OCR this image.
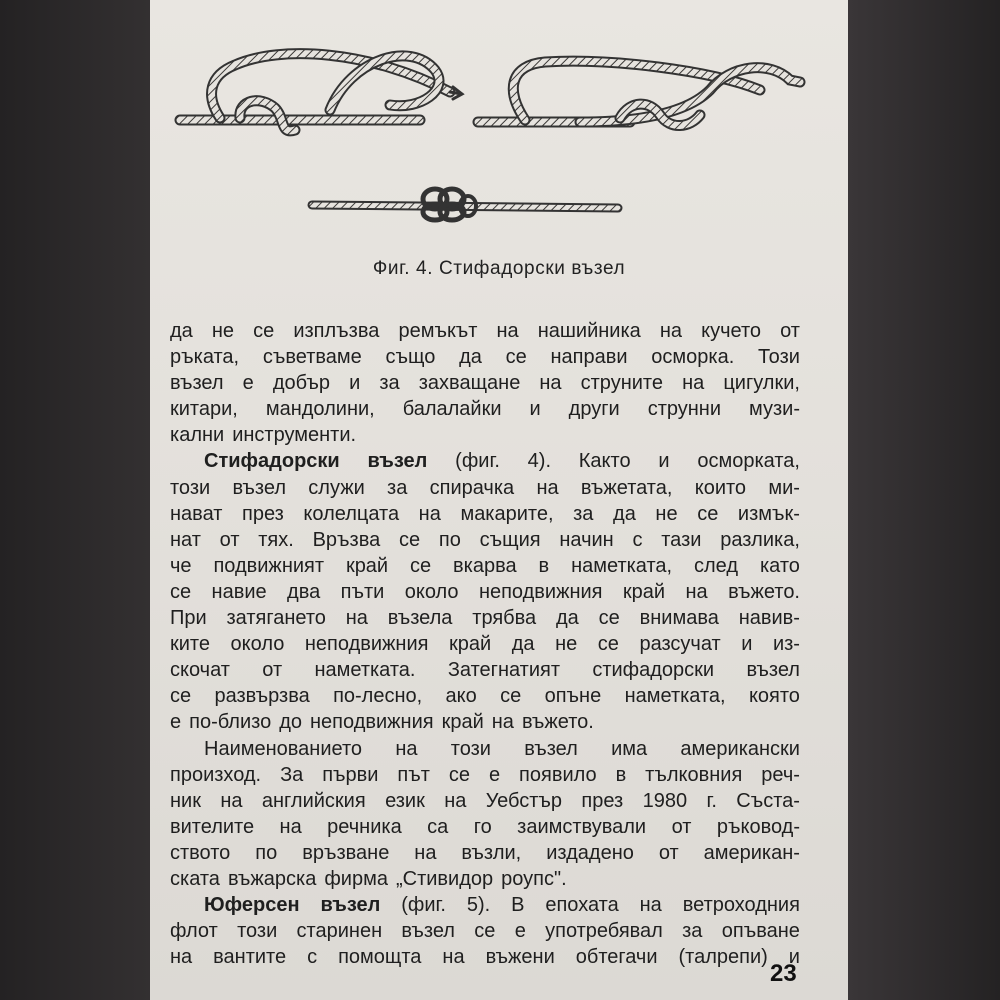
Фиг. 4. Стифадорски възел
да не се изплъзва ремъкът на нашийника на кучето от
ръката, съветваме също да се направи осморка. Този
възел е добър и за захващане на струните на цигулки,
китари, мандолини, балалайки и други струнни музи-
кални инструменти.
Стифадорски възел (фиг. 4). Както и осморката,
този възел служи за спирачка на въжетата, които ми-
нават през колелцата на макарите, за да не се измък-
нат от тях. Връзва се по същия начин с тази разлика,
че подвижният край се вкарва в наметката, след като
се навие два пъти около неподвижния край на въжето.
При затягането на възела трябва да се внимава навив-
ките около неподвижния край да не се разсучат и из-
скочат от наметката. Затегнатият стифадорски възел
се развързва по-лесно, ако се опъне наметката, която
е по-близо до неподвижния край на въжето.
Наименованието на този възел има американски
произход. За първи път се е появило в тълковния реч-
ник на английския език на Уебстър през 1980 г. Съста-
вителите на речника са го заимствували от ръковод-
ството по връзване на възли, издадено от американ-
ската въжарска фирма „Стивидор роупс".
Юферсен възел (фиг. 5). В епохата на ветроходния
флот този старинен възел се е употребявал за опъване
на вантите с помощта на въжени обтегачи (талрепи) и
23
